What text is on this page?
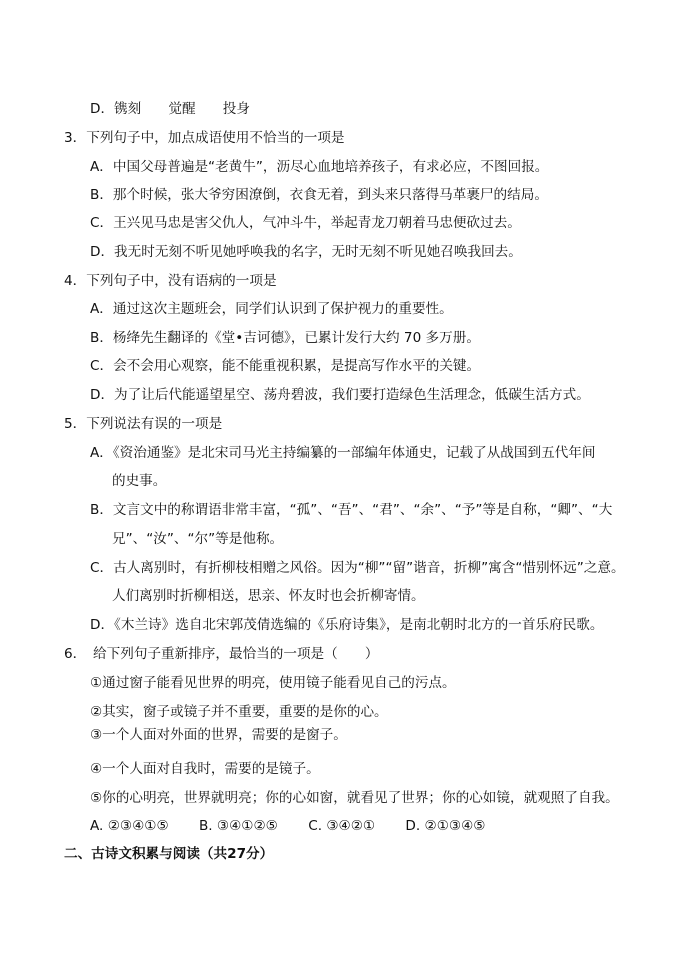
D．镌刻　　觉醒　　投身
3．下列句子中，加点成语使用不恰当的一项是
A．中国父母普遍是“老黄牛”，沥尽心血地培养孩子，有求必应，不图回报。
B．那个时候，张大爷穷困潦倒，衣食无着，到头来只落得马革裹尸的结局。
C．王兴见马忠是害父仇人，气冲斗牛，举起青龙刀朝着马忠便砍过去。
D．我无时无刻不听见她呼唤我的名字，无时无刻不听见她召唤我回去。
4．下列句子中，没有语病的一项是
A．通过这次主题班会，同学们认识到了保护视力的重要性。
B．杨绛先生翻译的《堂•吉诃德》，已累计发行大约 70 多万册。
C．会不会用心观察，能不能重视积累，是提高写作水平的关键。
D．为了让后代能遥望星空、荡舟碧波，我们要打造绿色生活理念，低碳生活方式。
5．下列说法有误的一项是
A．《资治通鉴》是北宋司马光主持编纂的一部编年体通史，记载了从战国到五代年间
的史事。
B．文言文中的称谓语非常丰富，“孤”、“吾”、“君”、“余”、“予”等是自称，“卿”、“大
兄”、“汝”、“尔”等是他称。
C．古人离别时，有折柳枝相赠之风俗。因为“柳”“留”谐音，折柳”寓含“惜别怀远”之意。
人们离别时折柳相送，思亲、怀友时也会折柳寄情。
D．《木兰诗》选自北宋郭茂倩选编的《乐府诗集》，是南北朝时北方的一首乐府民歌。
6．　给下列句子重新排序，最恰当的一项是（　　）
①通过窗子能看见世界的明亮，使用镜子能看见自己的污点。
②其实，窗子或镜子并不重要，重要的是你的心。
③一个人面对外面的世界，需要的是窗子。
④一个人面对自我时，需要的是镜子。
⑤你的心明亮，世界就明亮；你的心如窗，就看见了世界；你的心如镜，就观照了自我。
A. ②③④①⑤ B. ③④①②⑤ C. ③④②① D. ②①③④⑤
二、古诗文积累与阅读（共27分）
